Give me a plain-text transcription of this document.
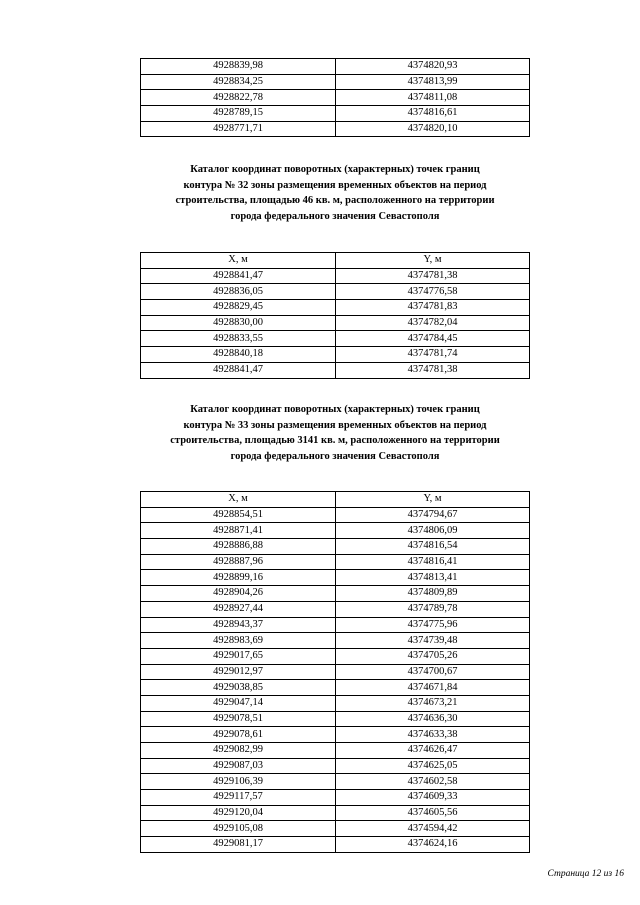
4928839,98	4374820,93
4928834,25	4374813,99
4928822,78	4374811,08
4928789,15	4374816,61
4928771,71	4374820,10
Каталог координат поворотных (характерных) точек границ
контура № 32 зоны размещения временных объектов на период
строительства, площадью 46 кв. м, расположенного на территории
города федерального значения Севастополя
X, м	Y, м
4928841,47	4374781,38
4928836,05	4374776,58
4928829,45	4374781,83
4928830,00	4374782,04
4928833,55	4374784,45
4928840,18	4374781,74
4928841,47	4374781,38
Каталог координат поворотных (характерных) точек границ
контура № 33 зоны размещения временных объектов на период
строительства, площадью 3141 кв. м, расположенного на территории
города федерального значения Севастополя
X, м	Y, м
4928854,51	4374794,67
4928871,41	4374806,09
4928886,88	4374816,54
4928887,96	4374816,41
4928899,16	4374813,41
4928904,26	4374809,89
4928927,44	4374789,78
4928943,37	4374775,96
4928983,69	4374739,48
4929017,65	4374705,26
4929012,97	4374700,67
4929038,85	4374671,84
4929047,14	4374673,21
4929078,51	4374636,30
4929078,61	4374633,38
4929082,99	4374626,47
4929087,03	4374625,05
4929106,39	4374602,58
4929117,57	4374609,33
4929120,04	4374605,56
4929105,08	4374594,42
4929081,17	4374624,16
Страница 12 из 16
